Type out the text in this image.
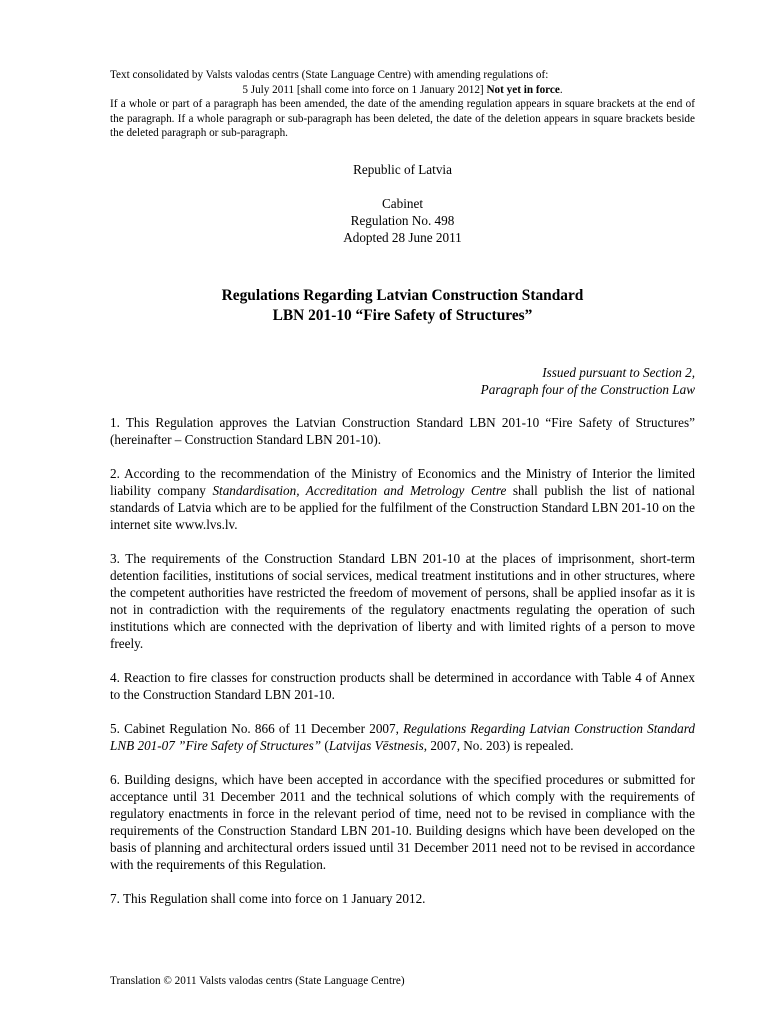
Text consolidated by Valsts valodas centrs (State Language Centre) with amending regulations of:
5 July 2011 [shall come into force on 1 January 2012] Not yet in force.
If a whole or part of a paragraph has been amended, the date of the amending regulation appears in square brackets at the end of the paragraph. If a whole paragraph or sub-paragraph has been deleted, the date of the deletion appears in square brackets beside the deleted paragraph or sub-paragraph.
Republic of Latvia
Cabinet
Regulation No. 498
Adopted 28 June 2011
Regulations Regarding Latvian Construction Standard
LBN 201-10 “Fire Safety of Structures”
Issued pursuant to Section 2,
Paragraph four of the Construction Law
1. This Regulation approves the Latvian Construction Standard LBN 201-10 “Fire Safety of Structures” (hereinafter – Construction Standard LBN 201-10).
2. According to the recommendation of the Ministry of Economics and the Ministry of Interior the limited liability company Standardisation, Accreditation and Metrology Centre shall publish the list of national standards of Latvia which are to be applied for the fulfilment of the Construction Standard LBN 201-10 on the internet site www.lvs.lv.
3. The requirements of the Construction Standard LBN 201-10 at the places of imprisonment, short-term detention facilities, institutions of social services, medical treatment institutions and in other structures, where the competent authorities have restricted the freedom of movement of persons, shall be applied insofar as it is not in contradiction with the requirements of the regulatory enactments regulating the operation of such institutions which are connected with the deprivation of liberty and with limited rights of a person to move freely.
4. Reaction to fire classes for construction products shall be determined in accordance with Table 4 of Annex to the Construction Standard LBN 201-10.
5. Cabinet Regulation No. 866 of 11 December 2007, Regulations Regarding Latvian Construction Standard LNB 201-07 ”Fire Safety of Structures” (Latvijas Vēstnesis, 2007, No. 203) is repealed.
6. Building designs, which have been accepted in accordance with the specified procedures or submitted for acceptance until 31 December 2011 and the technical solutions of which comply with the requirements of regulatory enactments in force in the relevant period of time, need not to be revised in compliance with the requirements of the Construction Standard LBN 201-10. Building designs which have been developed on the basis of planning and architectural orders issued until 31 December 2011 need not to be revised in accordance with the requirements of this Regulation.
7. This Regulation shall come into force on 1 January 2012.
Translation © 2011 Valsts valodas centrs (State Language Centre)
